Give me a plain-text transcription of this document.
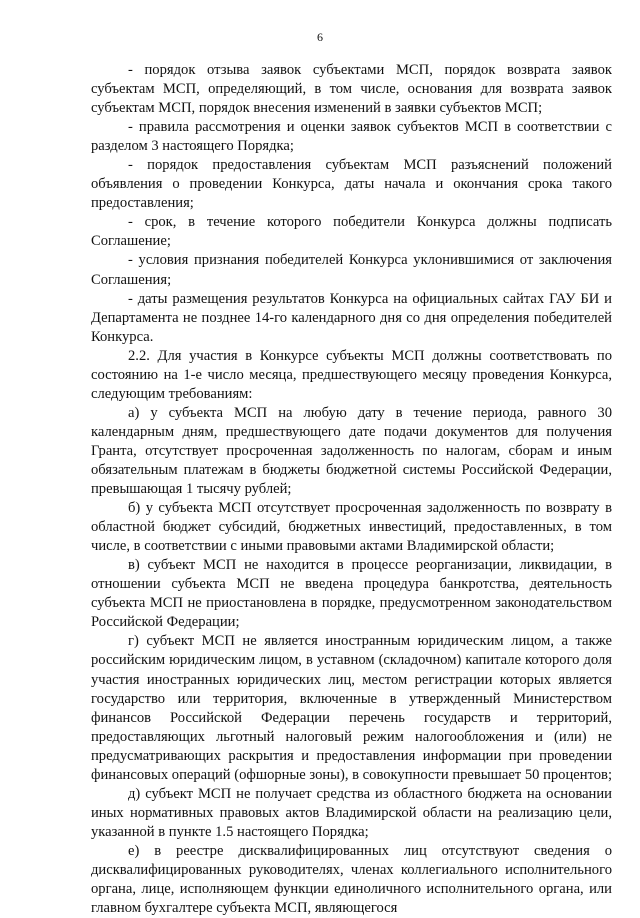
6

- порядок отзыва заявок субъектами МСП, порядок возврата заявок субъектам МСП, определяющий, в том числе, основания для возврата заявок субъектам МСП, порядок внесения изменений в заявки субъектов МСП;

- правила рассмотрения и оценки заявок субъектов МСП в соответствии с разделом 3 настоящего Порядка;

- порядок предоставления субъектам МСП разъяснений положений объявления о проведении Конкурса, даты начала и окончания срока такого предоставления;

- срок, в течение которого победители Конкурса должны подписать Соглашение;

- условия признания победителей Конкурса уклонившимися от заключения Соглашения;

- даты размещения результатов Конкурса на официальных сайтах ГАУ БИ и Департамента не позднее 14-го календарного дня со дня определения победителей Конкурса.

2.2. Для участия в Конкурсе субъекты МСП должны соответствовать по состоянию на 1-е число месяца, предшествующего месяцу проведения Конкурса, следующим требованиям:

а) у субъекта МСП на любую дату в течение периода, равного 30 календарным дням, предшествующего дате подачи документов для получения Гранта, отсутствует просроченная задолженность по налогам, сборам и иным обязательным платежам в бюджеты бюджетной системы Российской Федерации, превышающая 1 тысячу рублей;

б) у субъекта МСП отсутствует просроченная задолженность по возврату в областной бюджет субсидий, бюджетных инвестиций, предоставленных, в том числе, в соответствии с иными правовыми актами Владимирской области;

в) субъект МСП не находится в процессе реорганизации, ликвидации, в отношении субъекта МСП не введена процедура банкротства, деятельность субъекта МСП не приостановлена в порядке, предусмотренном законодательством Российской Федерации;

г) субъект МСП не является иностранным юридическим лицом, а также российским юридическим лицом, в уставном (складочном) капитале которого доля участия иностранных юридических лиц, местом регистрации которых является государство или территория, включенные в утвержденный Министерством финансов Российской Федерации перечень государств и территорий, предоставляющих льготный налоговый режим налогообложения и (или) не предусматривающих раскрытия и предоставления информации при проведении финансовых операций (офшорные зоны), в совокупности превышает 50 процентов;

д) субъект МСП не получает средства из областного бюджета на основании иных нормативных правовых актов Владимирской области на реализацию цели, указанной в пункте 1.5 настоящего Порядка;

е) в реестре дисквалифицированных лиц отсутствуют сведения о дисквалифицированных руководителях, членах коллегиального исполнительного органа, лице, исполняющем функции единоличного исполнительного органа, или главном бухгалтере субъекта МСП, являющегося
